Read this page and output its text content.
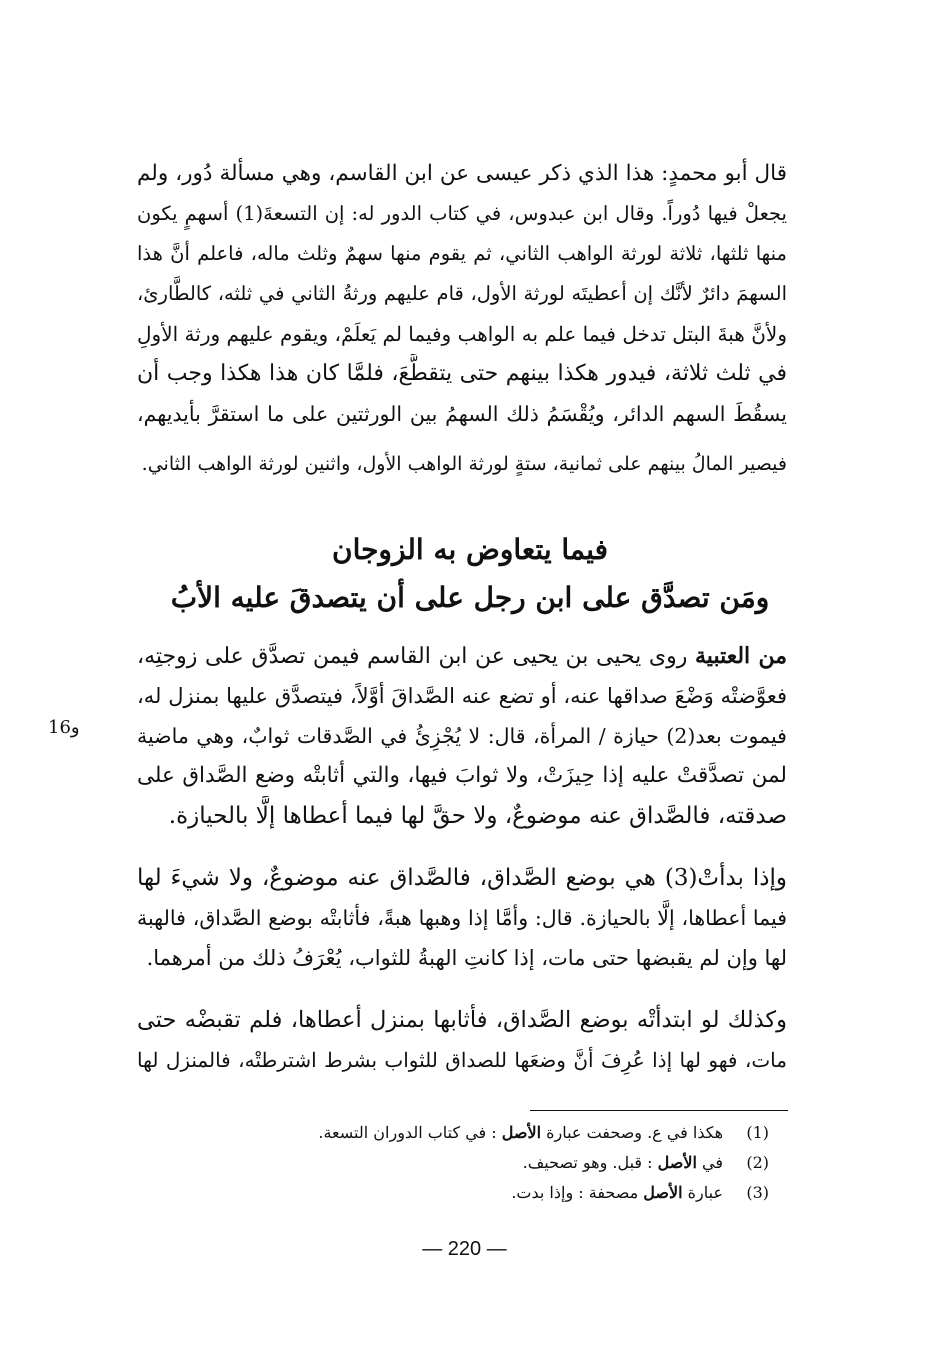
قال أبو محمدٍ: هذا الذي ذكر عيسى عن ابن القاسم، وهي مسألة دُور، ولم
يجعلْ فيها دُوراً. وقال ابن عبدوس، في كتاب الدور له: إن التسعةَ(1) أسهمٍ يكون
منها ثلثها، ثلاثة لورثة الواهب الثاني، ثم يقوم منها سهمٌ وثلث ماله، فاعلم أنَّ هذا
السهمَ دائرٌ لأنَّك إن أعطيتَه لورثة الأول، قام عليهم ورثةُ الثاني في ثلثه، كالطَّارئ،
ولأنَّ هبةَ البتل تدخل فيما علم به الواهب وفيما لم يَعلَمْ، ويقوم عليهم ورثة الأولِ
في ثلث ثلاثة، فيدور هكذا بينهم حتى يتقطَّعَ، فلمَّا كان هذا هكذا وجب أن
يسقُطَ السهم الدائر، ويُقْسَمُ ذلك السهمُ بين الورثتين على ما استقرَّ بأيديهم،
فيصير المالُ بينهم على ثمانية، ستةٍ لورثة الواهب الأول، واثنين لورثة الواهب الثاني.
فيما يتعاوض به الزوجان
ومَن تصدَّق على ابن رجل على أن يتصدقَ عليه الأبُ
من العتبية روى يحيى بن يحيى عن ابن القاسم فيمن تصدَّق على زوجتِه،
فعوَّضتْه وَضْعَ صداقها عنه، أو تضع عنه الصَّداقَ أوَّلاً، فيتصدَّق عليها بمنزل له،
فيموت بعد(2) حيازة / المرأة، قال: لا يُجْزِئُ في الصَّدقات ثوابٌ، وهي ماضية
لمن تصدَّقتْ عليه إذا حِيزَتْ، ولا ثوابَ فيها، والتي أثابتْه وضع الصَّداق على
صدقته، فالصَّداق عنه موضوعٌ، ولا حقَّ لها فيما أعطاها إلَّا بالحيازة.
و16
وإذا بدأتْ(3) هي بوضع الصَّداق، فالصَّداق عنه موضوعٌ، ولا شيءَ لها
فيما أعطاها، إلَّا بالحيازة. قال: وأمَّا إذا وهبها هبةً، فأثابتْه بوضع الصَّداق، فالهبة
لها وإن لم يقبضها حتى مات، إذا كانتِ الهبةُ للثواب، يُعْرَفُ ذلك من أمرهما.
وكذلك لو ابتدأتْه بوضع الصَّداق، فأثابها بمنزل أعطاها، فلم تقبضْه حتى
مات، فهو لها إذا عُرِفَ أنَّ وضعَها للصداق للثواب بشرط اشترطتْه، فالمنزل لها
(1)هكذا في ع. وصحفت عبارة الأصل : في كتاب الدوران التسعة.
(2)في الأصل : قبل. وهو تصحيف.
(3)عبارة الأصل مصحفة : وإذا بدت.
— 220 —
